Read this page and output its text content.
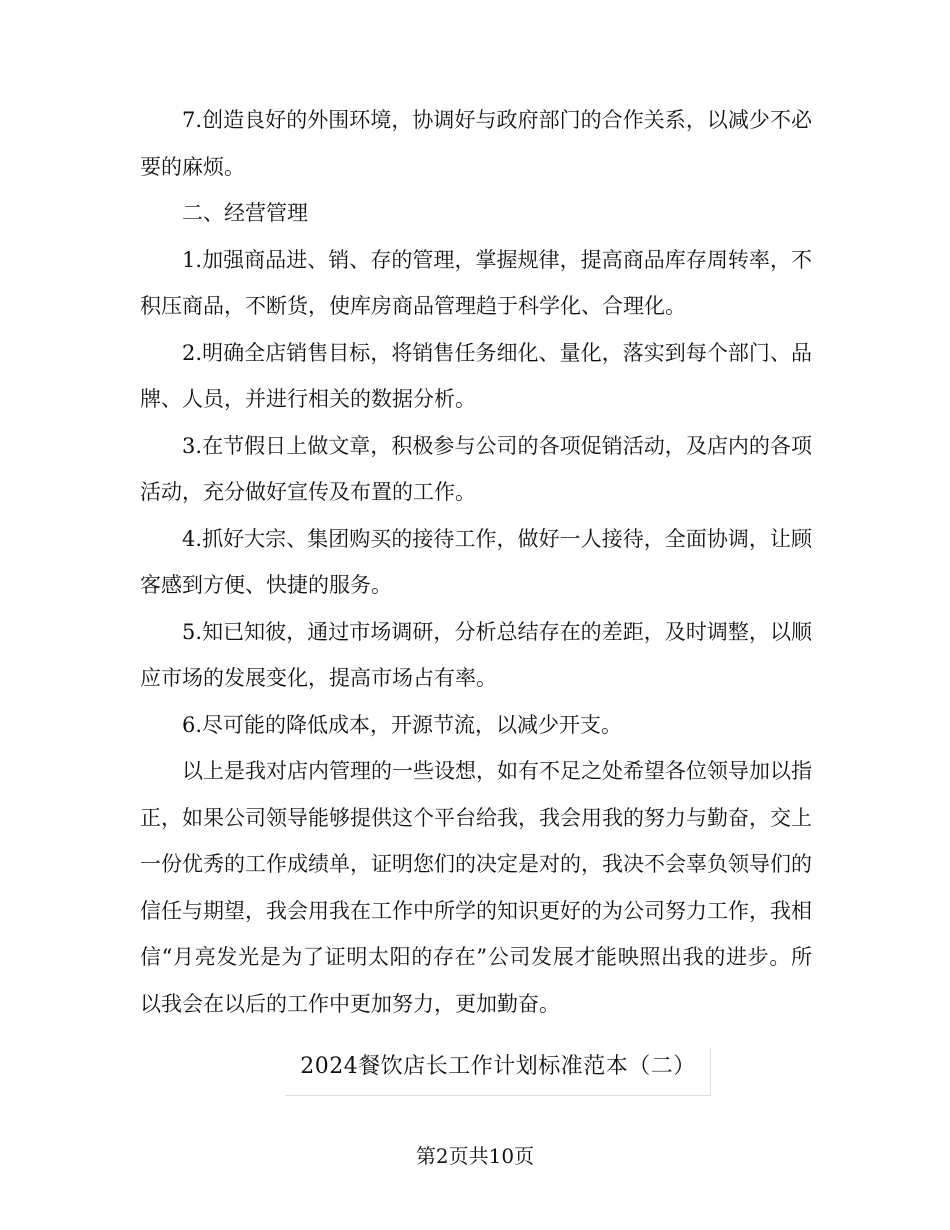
7.创造良好的外围环境，协调好与政府部门的合作关系，以减少不必要的麻烦。

二、经营管理

1.加强商品进、销、存的管理，掌握规律，提高商品库存周转率，不积压商品，不断货，使库房商品管理趋于科学化、合理化。

2.明确全店销售目标，将销售任务细化、量化，落实到每个部门、品牌、人员，并进行相关的数据分析。

3.在节假日上做文章，积极参与公司的各项促销活动，及店内的各项活动，充分做好宣传及布置的工作。

4.抓好大宗、集团购买的接待工作，做好一人接待，全面协调，让顾客感到方便、快捷的服务。

5.知已知彼，通过市场调研，分析总结存在的差距，及时调整，以顺应市场的发展变化，提高市场占有率。

6.尽可能的降低成本，开源节流，以减少开支。

以上是我对店内管理的一些设想，如有不足之处希望各位领导加以指正，如果公司领导能够提供这个平台给我，我会用我的努力与勤奋，交上一份优秀的工作成绩单，证明您们的决定是对的，我决不会辜负领导们的信任与期望，我会用我在工作中所学的知识更好的为公司努力工作，我相信“月亮发光是为了证明太阳的存在”公司发展才能映照出我的进步。所以我会在以后的工作中更加努力，更加勤奋。

2024餐饮店长工作计划标准范本（二）
第2页共10页
